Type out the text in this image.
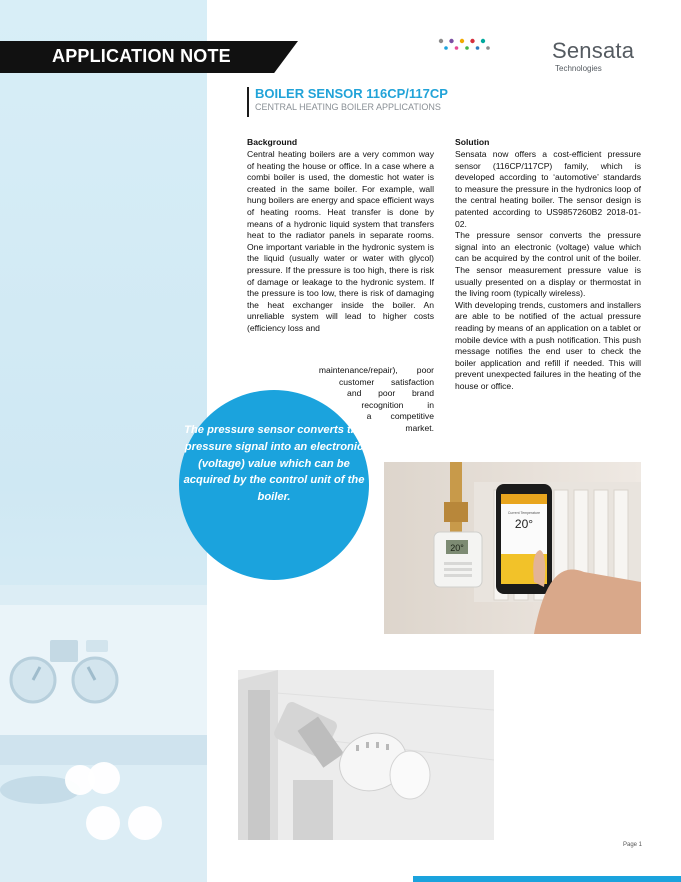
APPLICATION NOTE	Sensata
Technologies
BOILER SENSOR 116CP/117CP
CENTRAL HEATING BOILER APPLICATIONS
Background
Central heating boilers are a very common way of heating the house or office. In a case where a combi boiler is used, the domestic hot water is created in the same boiler. For example, wall hung boilers are energy and space efficient ways of heating rooms. Heat transfer is done by means of a hydronic liquid system that transfers heat to the radiator panels in separate rooms. One important variable in the hydronic system is the liquid (usually water or water with glycol) pressure. If the pressure is too high, there is risk of damage or leakage to the hydronic system. If the pressure is too low, there is risk of damaging the heat exchanger inside the boiler. An unreliable system will lead to higher costs (efficiency loss and
maintenance/repair),        poor
customer       satisfaction
and       poor       brand
recognition          in
a        competitive
market.
Solution
Sensata now offers a cost-efficient pressure sensor (116CP/117CP) family, which is developed according to ‘automotive’ standards to measure the pressure in the hydronics loop of the central heating boiler. The sensor design is patented according to US9857260B2 2018-01-02.
The pressure sensor converts the pressure signal into an electronic (voltage) value which can be acquired by the control unit of the boiler. The sensor measurement pressure value is usually presented on a display or thermostat in the living room (typically wireless).
With developing trends, customers and installers are able to be notified of the actual pressure reading by means of an application on a tablet or mobile device with a push notification. This push message notifies the end user to check the boiler application and refill if needed. This will prevent unexpected failures in the heating of the house or office.
The pressure sensor converts the pressure signal into an electronic (voltage) value which can be acquired by the control unit of the boiler.
20°
Current Temperature
20°
Page 1
